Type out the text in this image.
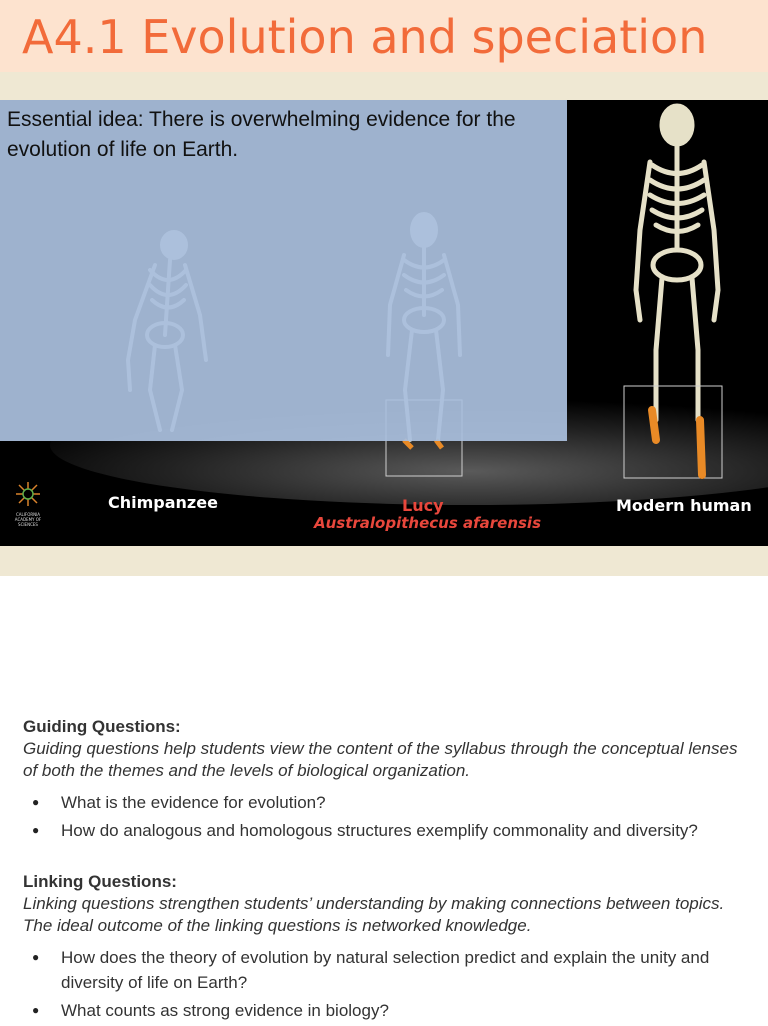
A4.1 Evolution and speciation
Essential idea: There is overwhelming evidence for the evolution of life on Earth.
CALIFORNIA ACADEMY OF SCIENCES
Chimpanzee	Lucy
Australopithecus afarensis
Modern human
Guiding Questions:
Guiding questions help students view the content of the syllabus through the conceptual lenses of both the themes and the levels of biological organization.
● What is the evidence for evolution?
● How do analogous and homologous structures exemplify commonality and diversity?
Linking Questions:
Linking questions strengthen students’ understanding by making connections between topics. The ideal outcome of the linking questions is networked knowledge.
● How does the theory of evolution by natural selection predict and explain the unity and diversity of life on Earth?
● What counts as strong evidence in biology?
